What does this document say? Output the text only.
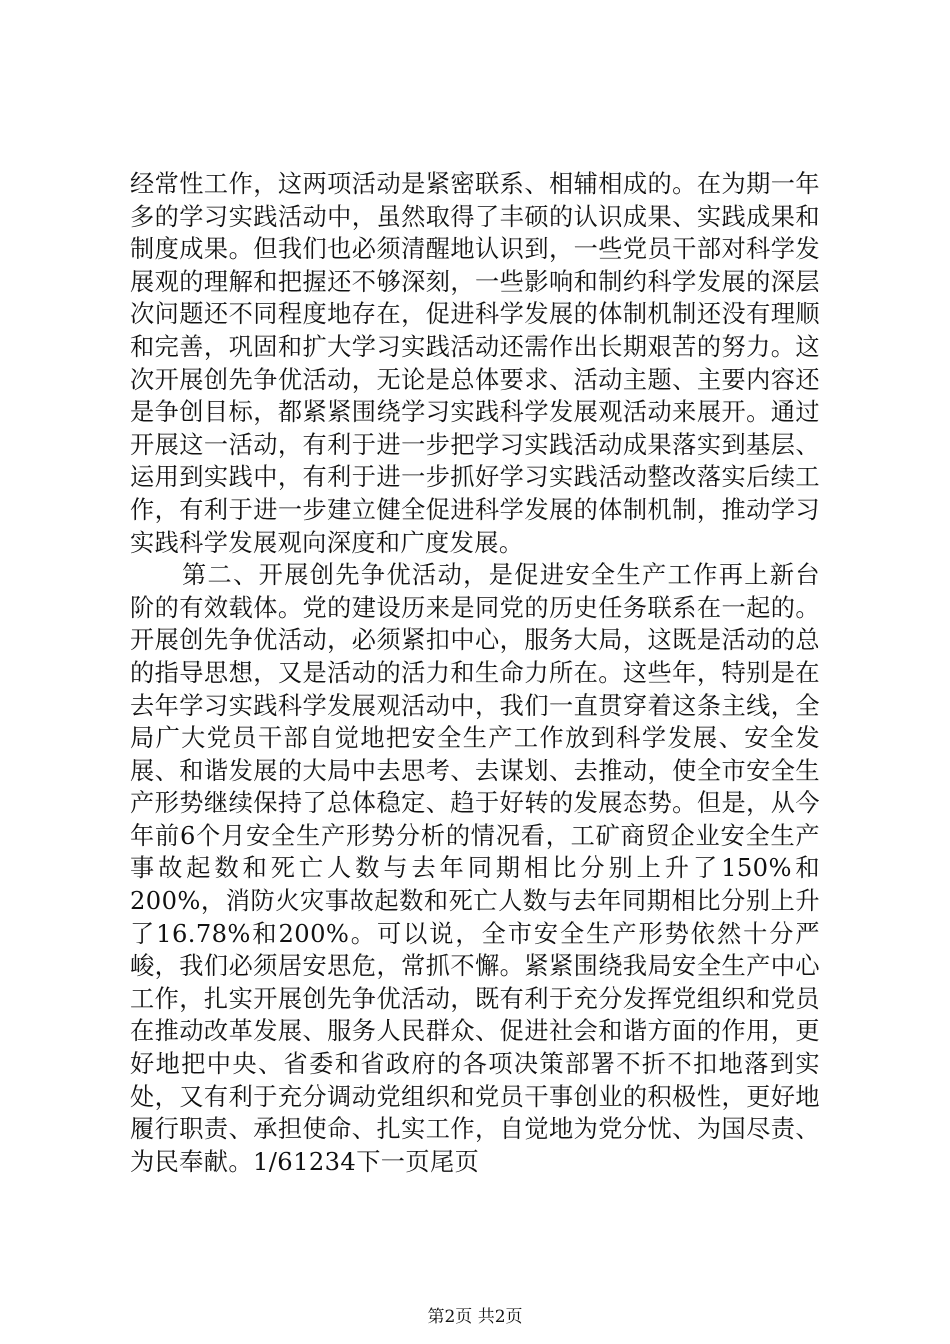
经常性工作，这两项活动是紧密联系、相辅相成的。在为期一年多的学习实践活动中，虽然取得了丰硕的认识成果、实践成果和制度成果。但我们也必须清醒地认识到，一些党员干部对科学发展观的理解和把握还不够深刻，一些影响和制约科学发展的深层次问题还不同程度地存在，促进科学发展的体制机制还没有理顺和完善，巩固和扩大学习实践活动还需作出长期艰苦的努力。这次开展创先争优活动，无论是总体要求、活动主题、主要内容还是争创目标，都紧紧围绕学习实践科学发展观活动来展开。通过开展这一活动，有利于进一步把学习实践活动成果落实到基层、运用到实践中，有利于进一步抓好学习实践活动整改落实后续工作，有利于进一步建立健全促进科学发展的体制机制，推动学习实践科学发展观向深度和广度发展。

第二、开展创先争优活动，是促进安全生产工作再上新台阶的有效载体。党的建设历来是同党的历史任务联系在一起的。开展创先争优活动，必须紧扣中心，服务大局，这既是活动的总的指导思想，又是活动的活力和生命力所在。这些年，特别是在去年学习实践科学发展观活动中，我们一直贯穿着这条主线，全局广大党员干部自觉地把安全生产工作放到科学发展、安全发展、和谐发展的大局中去思考、去谋划、去推动，使全市安全生产形势继续保持了总体稳定、趋于好转的发展态势。但是，从今年前6个月安全生产形势分析的情况看，工矿商贸企业安全生产事故起数和死亡人数与去年同期相比分别上升了150%和200%，消防火灾事故起数和死亡人数与去年同期相比分别上升了16.78%和200%。可以说，全市安全生产形势依然十分严峻，我们必须居安思危，常抓不懈。紧紧围绕我局安全生产中心工作，扎实开展创先争优活动，既有利于充分发挥党组织和党员在推动改革发展、服务人民群众、促进社会和谐方面的作用，更好地把中央、省委和省政府的各项决策部署不折不扣地落到实处，又有利于充分调动党组织和党员干事创业的积极性，更好地履行职责、承担使命、扎实工作，自觉地为党分忧、为国尽责、为民奉献。1/61234下一页尾页

第2页 共2页
